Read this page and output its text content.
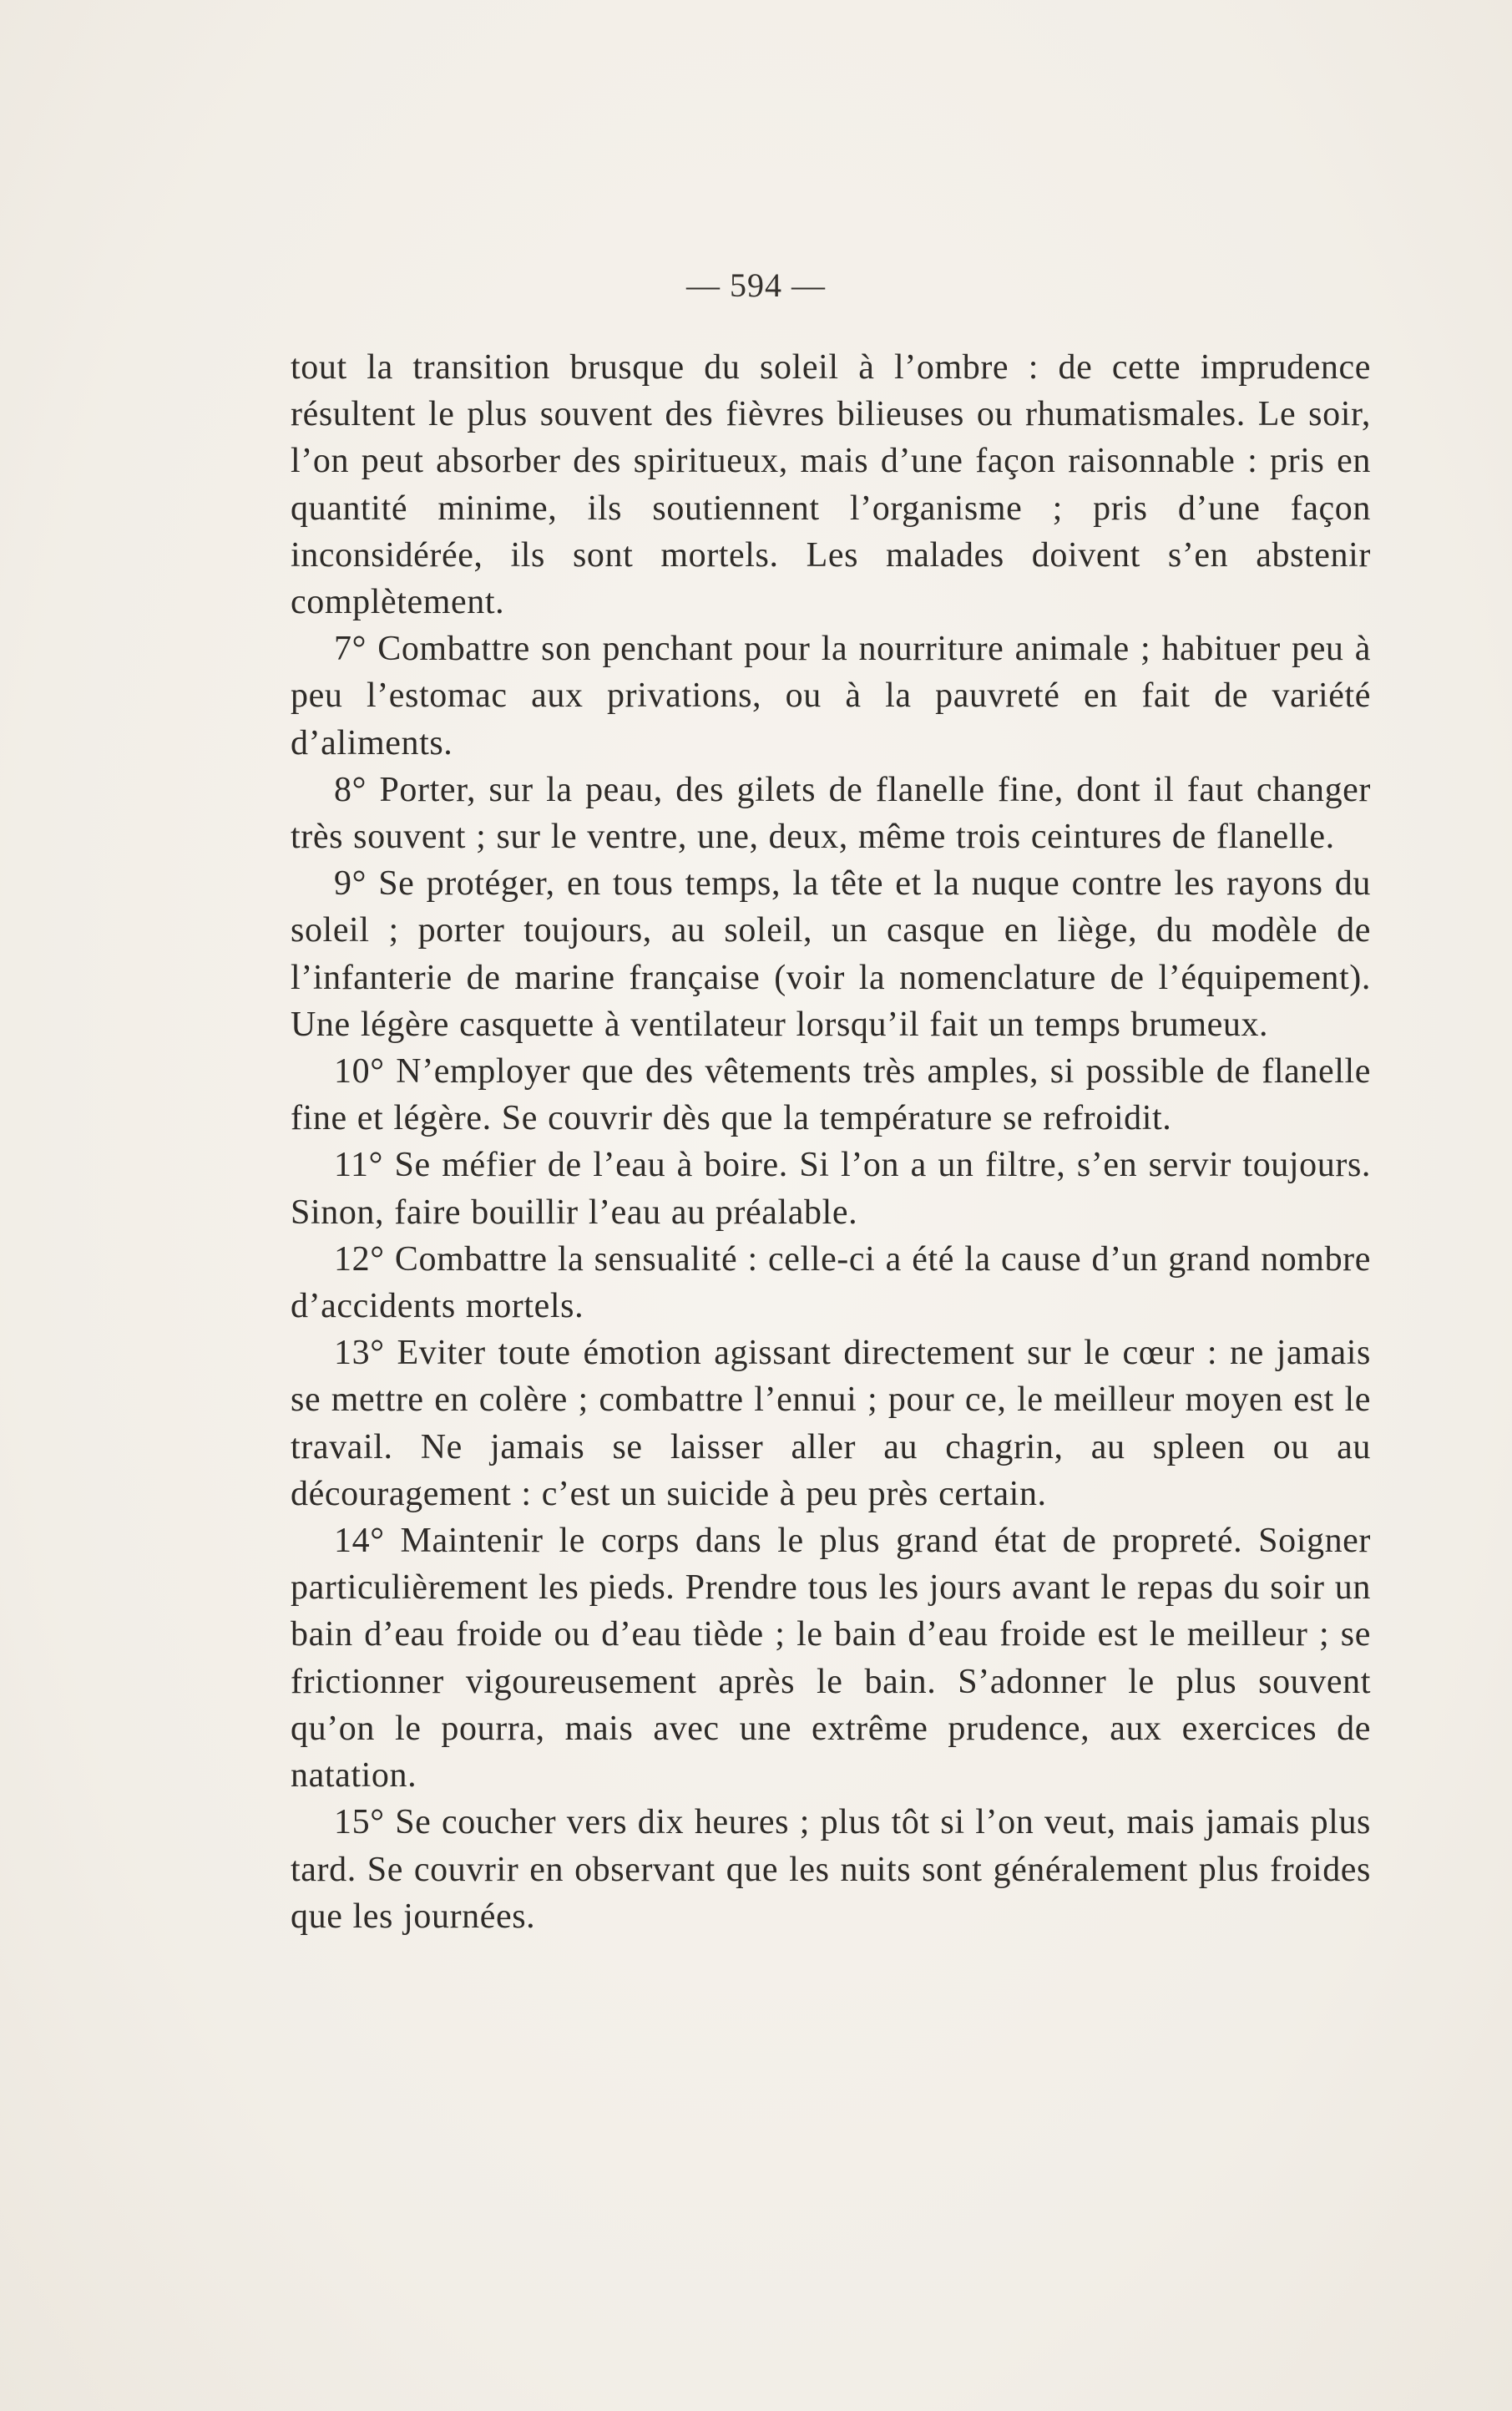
— 594 —

tout la transition brusque du soleil à l’ombre : de cette imprudence résultent le plus souvent des fièvres bilieuses ou rhumatismales. Le soir, l’on peut absorber des spiritueux, mais d’une façon raisonnable : pris en quantité minime, ils soutiennent l’organisme ; pris d’une façon inconsidérée, ils sont mortels. Les malades doivent s’en abstenir complètement.

7° Combattre son penchant pour la nourriture animale ; habituer peu à peu l’estomac aux privations, ou à la pauvreté en fait de variété d’aliments.

8° Porter, sur la peau, des gilets de flanelle fine, dont il faut changer très souvent ; sur le ventre, une, deux, même trois ceintures de flanelle.

9° Se protéger, en tous temps, la tête et la nuque contre les rayons du soleil ; porter toujours, au soleil, un casque en liège, du modèle de l’infanterie de marine française (voir la nomenclature de l’équipement). Une légère casquette à ventilateur lorsqu’il fait un temps brumeux.

10° N’employer que des vêtements très amples, si possible de flanelle fine et légère. Se couvrir dès que la température se refroidit.

11° Se méfier de l’eau à boire. Si l’on a un filtre, s’en servir toujours. Sinon, faire bouillir l’eau au préalable.

12° Combattre la sensualité : celle-ci a été la cause d’un grand nombre d’accidents mortels.

13° Eviter toute émotion agissant directement sur le cœur : ne jamais se mettre en colère ; combattre l’ennui ; pour ce, le meilleur moyen est le travail. Ne jamais se laisser aller au chagrin, au spleen ou au découragement : c’est un suicide à peu près certain.

14° Maintenir le corps dans le plus grand état de propreté. Soigner particulièrement les pieds. Prendre tous les jours avant le repas du soir un bain d’eau froide ou d’eau tiède ; le bain d’eau froide est le meilleur ; se frictionner vigoureusement après le bain. S’adonner le plus souvent qu’on le pourra, mais avec une extrême prudence, aux exercices de natation.

15° Se coucher vers dix heures ; plus tôt si l’on veut, mais jamais plus tard. Se couvrir en observant que les nuits sont généralement plus froides que les journées.
